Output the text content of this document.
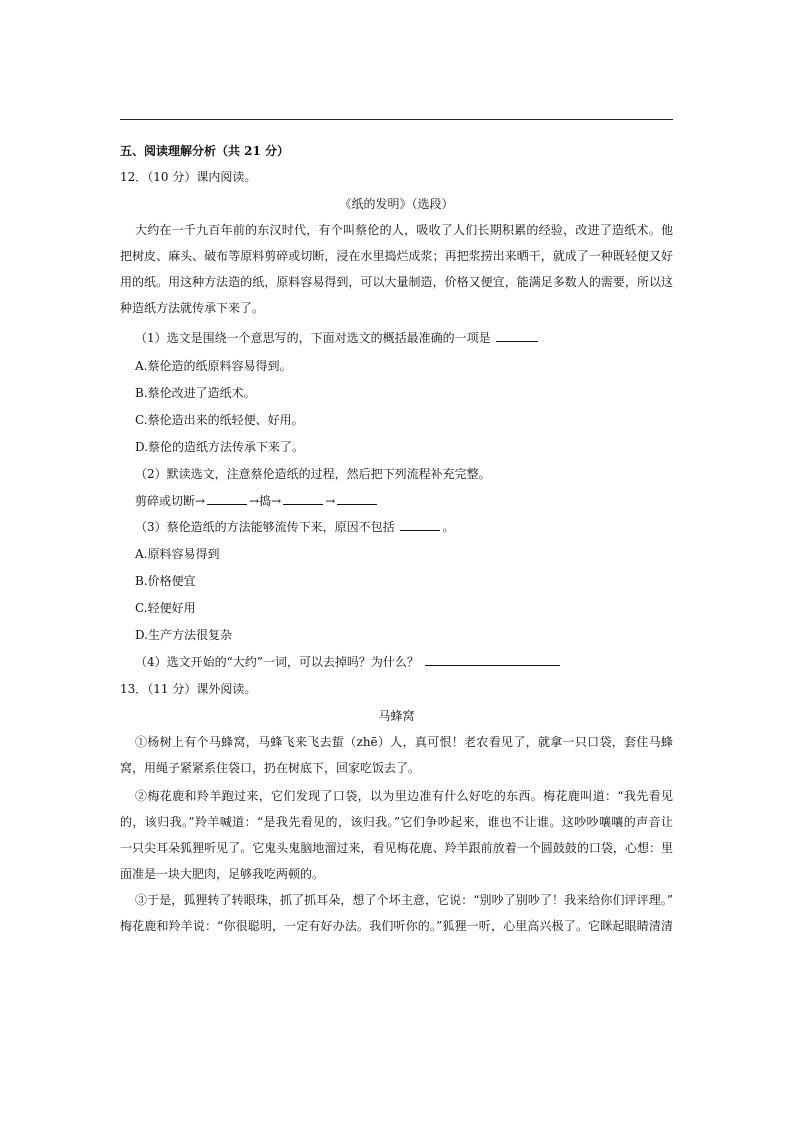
五、阅读理解分析（共 21 分）
12．（10 分）课内阅读。
《纸的发明》（选段）
大约在一千九百年前的东汉时代，有个叫蔡伦的人，吸收了人们长期积累的经验，改进了造纸术。他
把树皮、麻头、破布等原料剪碎或切断，浸在水里捣烂成浆；再把浆捞出来晒干，就成了一种既轻便又好
用的纸。用这种方法造的纸，原料容易得到，可以大量制造，价格又便宜，能满足多数人的需要，所以这
种造纸方法就传承下来了。
（1）选文是围绕一个意思写的，下面对选文的概括最准确的一项是
A.蔡伦造的纸原料容易得到。
B.蔡伦改进了造纸术。
C.蔡伦造出来的纸轻便、好用。
D.蔡伦的造纸方法传承下来了。
（2）默读选文，注意蔡伦造纸的过程，然后把下列流程补充完整。
剪碎或切断→	→捣→	→
（3）蔡伦造纸的方法能够流传下来，原因不包括	。
A.原料容易得到
B.价格便宜
C.轻便好用
D.生产方法很复杂
（4）选文开始的“大约”一词，可以去掉吗？为什么？
13．（11 分）课外阅读。
马蜂窝
①杨树上有个马蜂窝，马蜂飞来飞去蜇（zhē）人，真可恨！老农看见了，就拿一只口袋，套住马蜂
窝，用绳子紧紧系住袋口，扔在树底下，回家吃饭去了。
②梅花鹿和羚羊跑过来，它们发现了口袋，以为里边准有什么好吃的东西。梅花鹿叫道：“我先看见
的，该归我。”羚羊喊道：“是我先看见的，该归我。”它们争吵起来，谁也不让谁。这吵吵嚷嚷的声音让
一只尖耳朵狐狸听见了。它鬼头鬼脑地溜过来，看见梅花鹿、羚羊跟前放着一个圆鼓鼓的口袋，心想：里
面准是一块大肥肉，足够我吃两顿的。
③于是，狐狸转了转眼珠，抓了抓耳朵，想了个坏主意，它说：“别吵了别吵了！我来给你们评评理。”
梅花鹿和羚羊说：“你很聪明，一定有好办法。我们听你的。”狐狸一听，心里高兴极了。它眯起眼睛清清
